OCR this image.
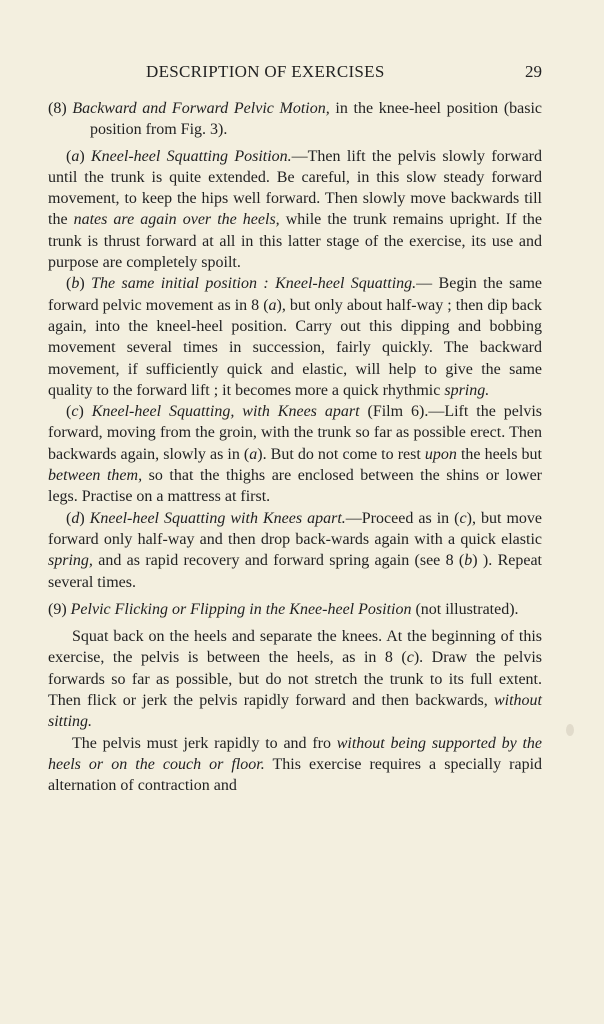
DESCRIPTION OF EXERCISES	29

(8) Backward and Forward Pelvic Motion, in the knee-heel position (basic position from Fig. 3).

(a) Kneel-heel Squatting Position.—Then lift the pelvis slowly forward until the trunk is quite extended. Be careful, in this slow steady forward movement, to keep the hips well forward. Then slowly move backwards till the nates are again over the heels, while the trunk remains upright. If the trunk is thrust forward at all in this latter stage of the exercise, its use and purpose are completely spoilt.

(b) The same initial position : Kneel-heel Squatting.— Begin the same forward pelvic movement as in 8 (a), but only about half-way ; then dip back again, into the kneel-heel position. Carry out this dipping and bobbing movement several times in succession, fairly quickly. The backward movement, if sufficiently quick and elastic, will help to give the same quality to the forward lift ; it becomes more a quick rhythmic spring.

(c) Kneel-heel Squatting, with Knees apart (Film 6).—Lift the pelvis forward, moving from the groin, with the trunk so far as possible erect. Then backwards again, slowly as in (a). But do not come to rest upon the heels but between them, so that the thighs are enclosed between the shins or lower legs. Practise on a mattress at first.

(d) Kneel-heel Squatting with Knees apart.—Proceed as in (c), but move forward only half-way and then drop back-wards again with a quick elastic spring, and as rapid recovery and forward spring again (see 8 (b) ). Repeat several times.

(9) Pelvic Flicking or Flipping in the Knee-heel Position (not illustrated).

Squat back on the heels and separate the knees. At the beginning of this exercise, the pelvis is between the heels, as in 8 (c). Draw the pelvis forwards so far as possible, but do not stretch the trunk to its full extent. Then flick or jerk the pelvis rapidly forward and then backwards, without sitting.

The pelvis must jerk rapidly to and fro without being supported by the heels or on the couch or floor. This exercise requires a specially rapid alternation of contraction and
